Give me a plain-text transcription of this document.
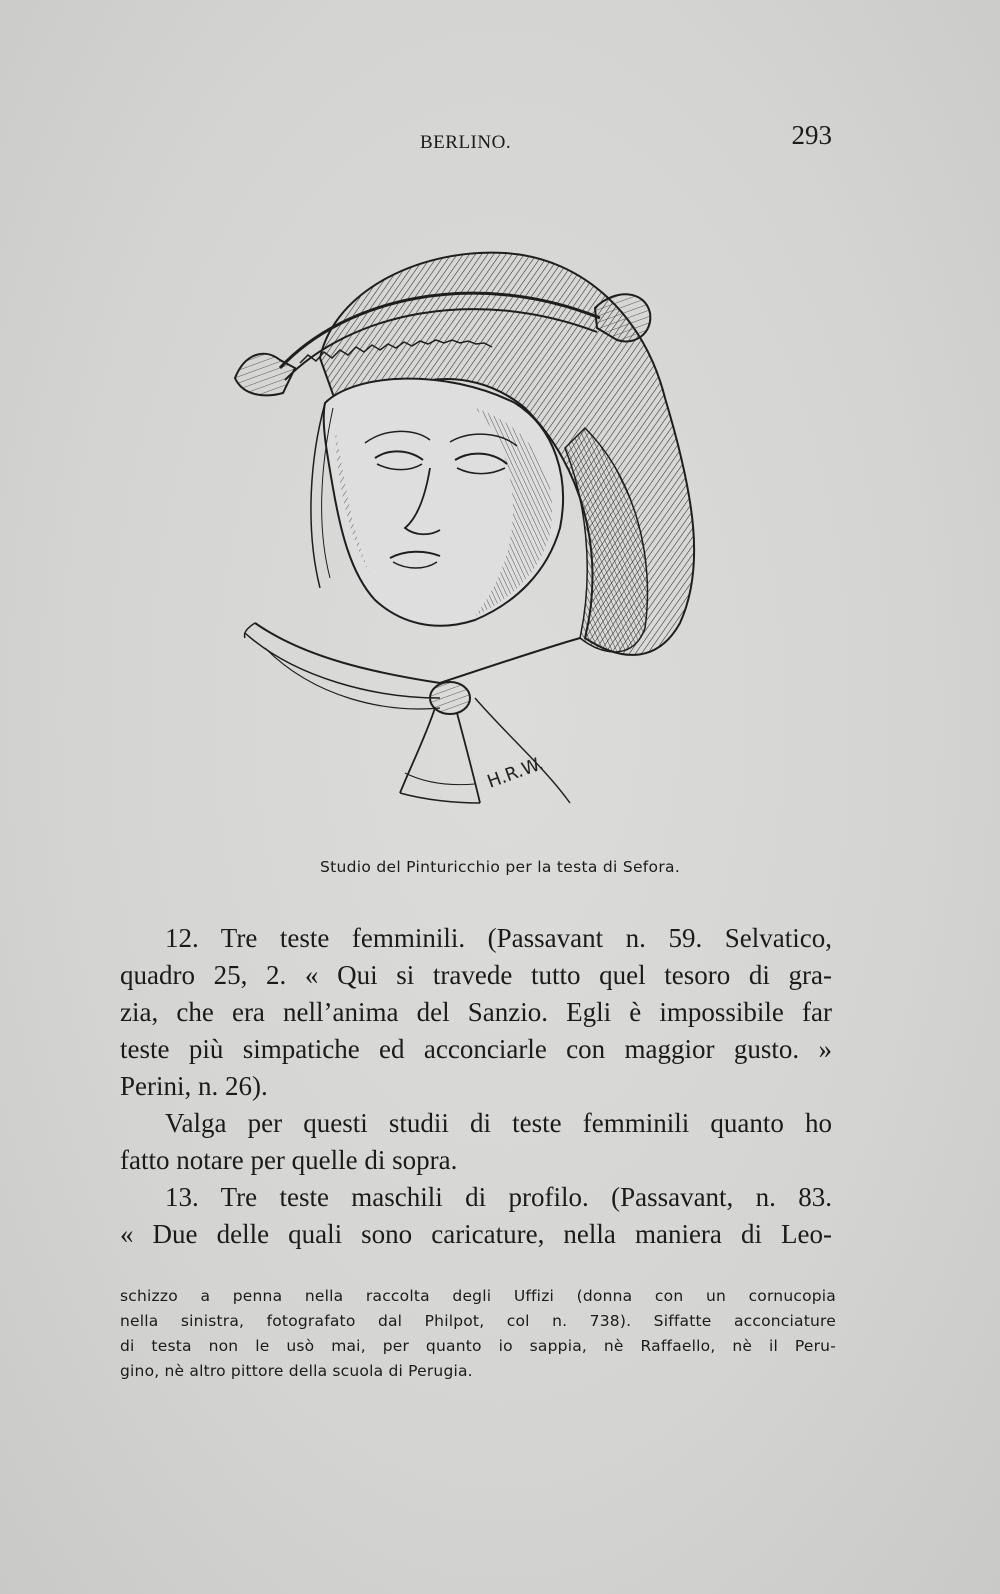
BERLINO.	293
H.R.W.
Studio del Pinturicchio per la testa di Sefora.

12. Tre teste femminili. (Passavant n. 59. Selvatico,
quadro 25, 2. « Qui si travede tutto quel tesoro di gra-
zia, che era nell’anima del Sanzio. Egli è impossibile far
teste più simpatiche ed acconciarle con maggior gusto. »
Perini, n. 26).

Valga per questi studii di teste femminili quanto ho
fatto notare per quelle di sopra.

13. Tre teste maschili di profilo. (Passavant, n. 83.
« Due delle quali sono caricature, nella maniera di Leo-

schizzo a penna nella raccolta degli Uffizi (donna con un cornucopia
nella sinistra, fotografato dal Philpot, col n. 738). Siffatte acconciature
di testa non le usò mai, per quanto io sappia, nè Raffaello, nè il Peru-
gino, nè altro pittore della scuola di Perugia.
